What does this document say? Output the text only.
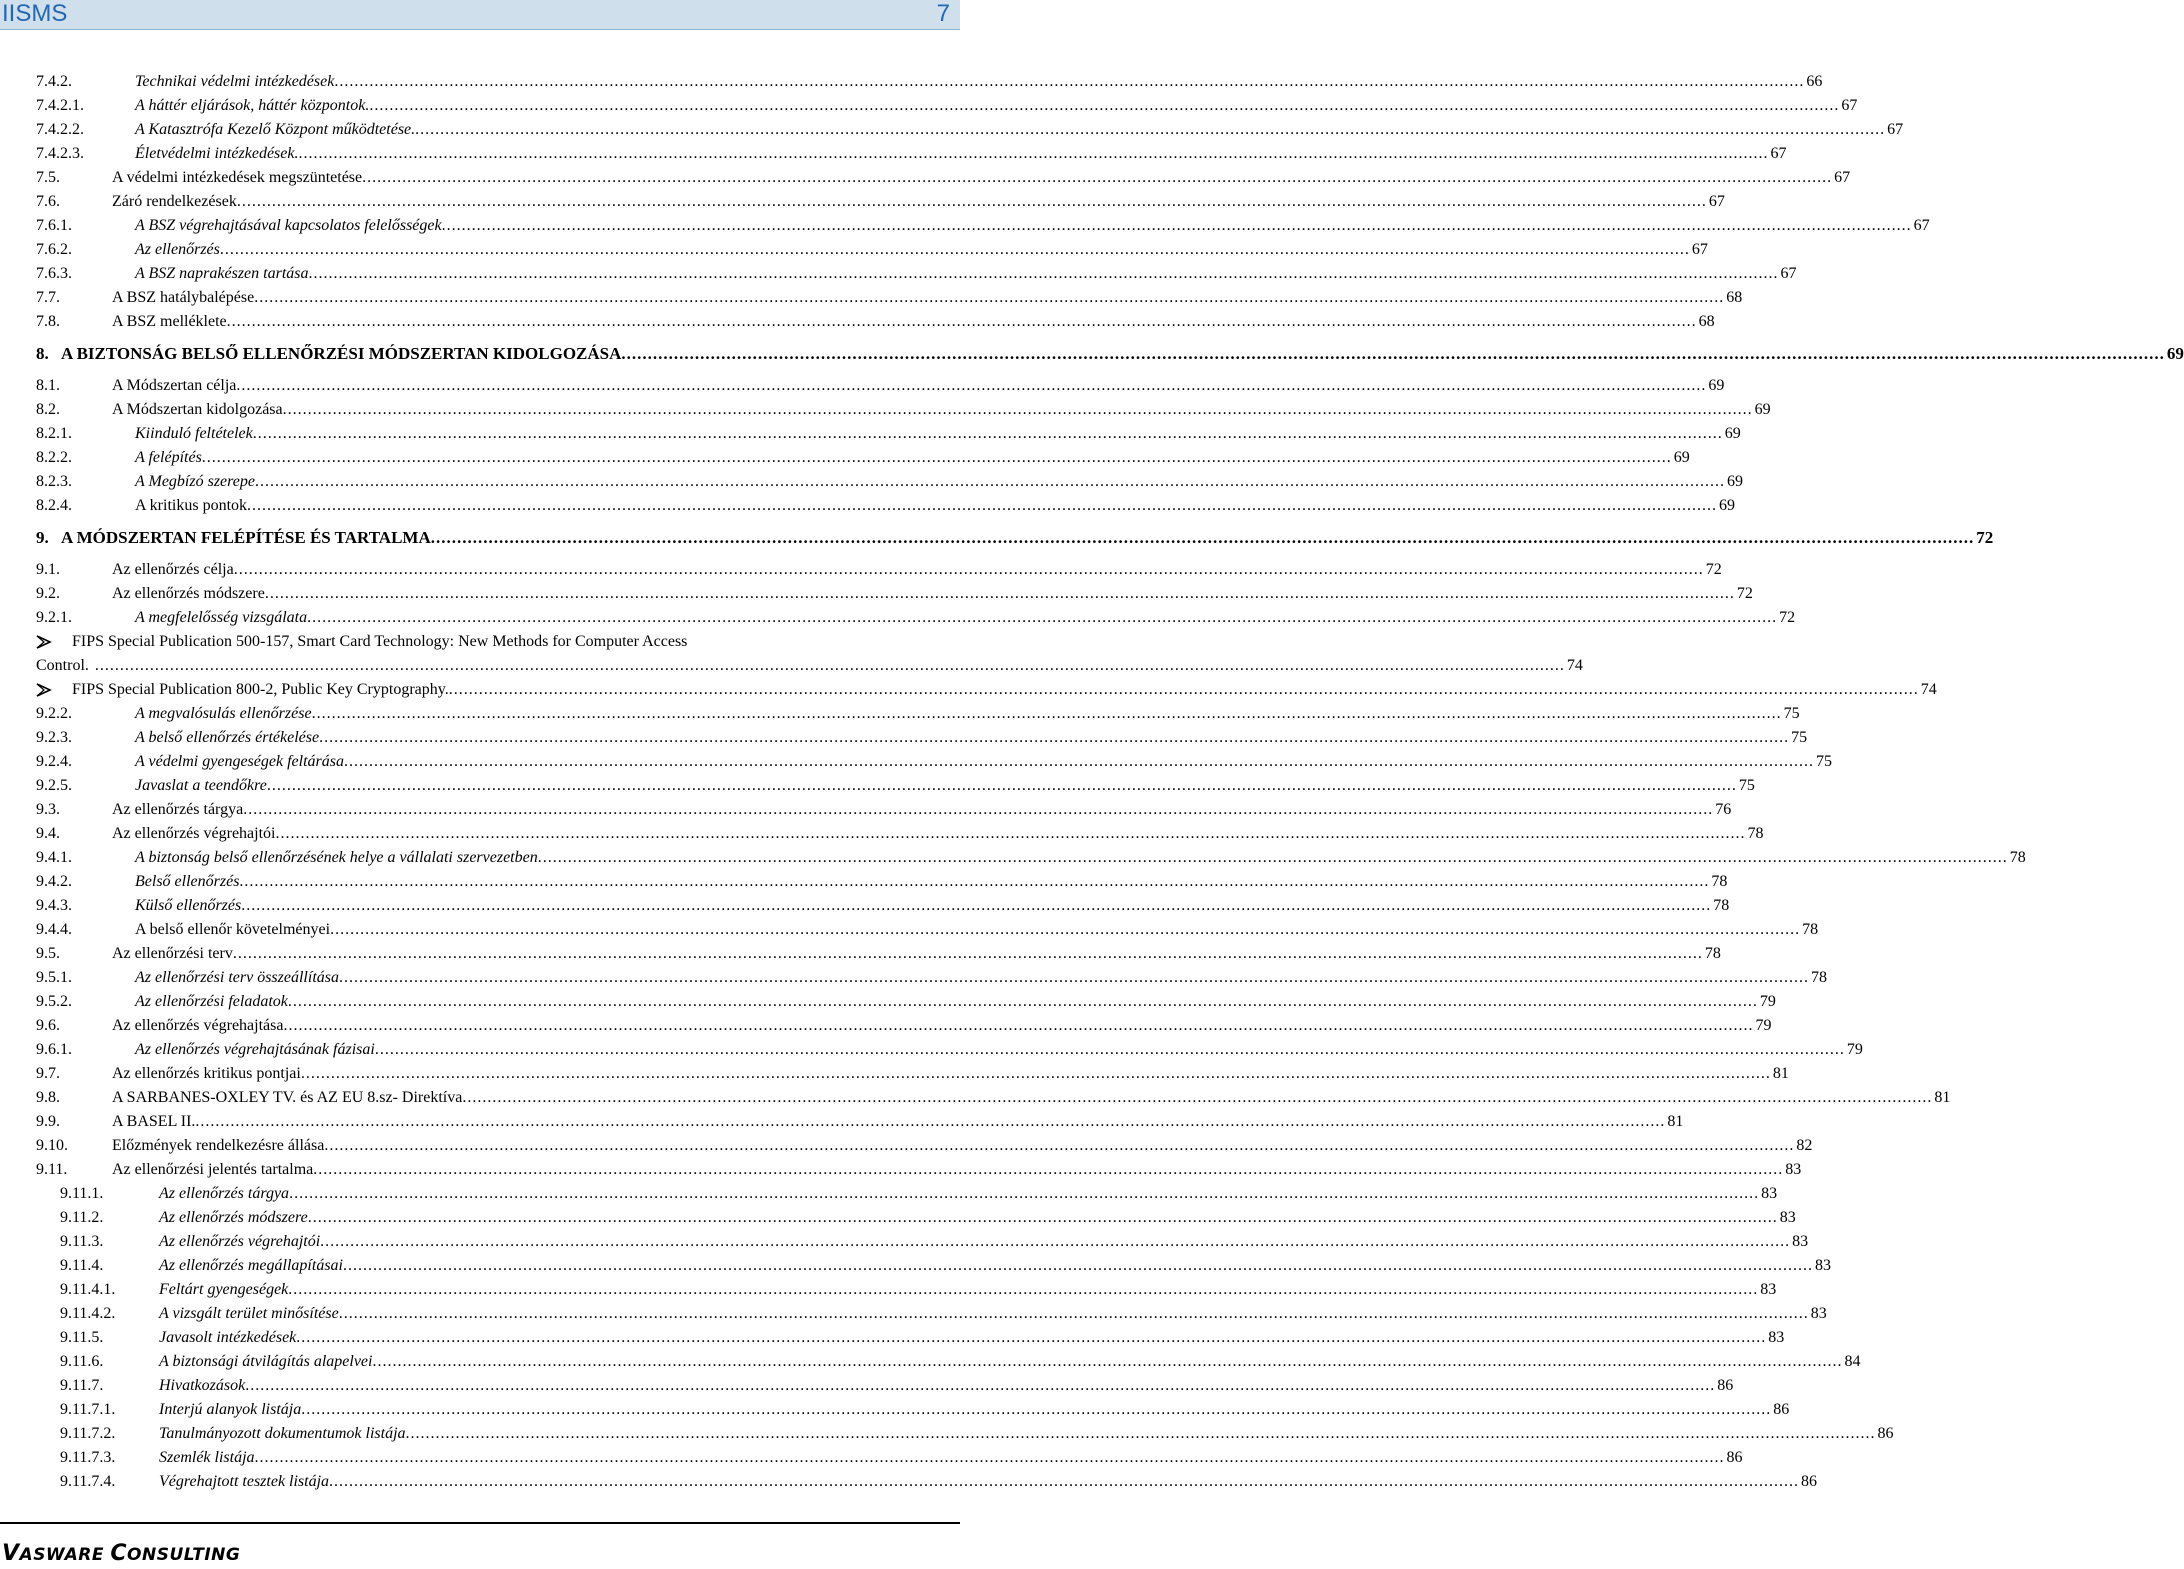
IISMS	7
7.4.2.	Technikai védelmi intézkedések .....	66
7.4.2.1.	A háttér eljárások, háttér központok. .....	67
7.4.2.2.	A Katasztrófa Kezelő Központ működtetése. .....	67
7.4.2.3.	Életvédelmi intézkedések. .....	67
7.5.	A védelmi intézkedések megszüntetése .....	67
7.6.	Záró rendelkezések .....	67
7.6.1.	A BSZ végrehajtásával kapcsolatos felelősségek .....	67
7.6.2.	Az ellenőrzés .....	67
7.6.3.	A BSZ naprakészen tartása .....	67
7.7.	A BSZ hatálybalépése .....	68
7.8.	A BSZ melléklete .....	68
8. A BIZTONSÁG BELSŐ ELLENŐRZÉSI MÓDSZERTAN KIDOLGOZÁSA .....	69
8.1.	A Módszertan célja .....	69
8.2.	A Módszertan kidolgozása .....	69
8.2.1.	Kiinduló feltételek .....	69
8.2.2.	A felépítés .....	69
8.2.3.	A Megbízó szerepe .....	69
8.2.4.	A kritikus pontok .....	69
9. A MÓDSZERTAN FELÉPÍTÉSE ÉS TARTALMA .....	72
9.1.	Az ellenőrzés célja .....	72
9.2.	Az ellenőrzés módszere .....	72
9.2.1.	A megfelelősség vizsgálata .....	72
FIPS Special Publication 500-157, Smart Card Technology: New Methods for Computer Access
Control. .....	74
FIPS Special Publication 800-2, Public Key Cryptography. .....	74
9.2.2.	A megvalósulás ellenőrzése .....	75
9.2.3.	A belső ellenőrzés értékelése .....	75
9.2.4.	A védelmi gyengeségek feltárása .....	75
9.2.5.	Javaslat a teendőkre .....	75
9.3.	Az ellenőrzés tárgya .....	76
9.4.	Az ellenőrzés végrehajtói .....	78
9.4.1.	A biztonság belső ellenőrzésének helye a vállalati szervezetben .....	78
9.4.2.	Belső ellenőrzés .....	78
9.4.3.	Külső ellenőrzés .....	78
9.4.4.	A belső ellenőr követelményei .....	78
9.5.	Az ellenőrzési terv .....	78
9.5.1.	Az ellenőrzési terv összeállítása .....	78
9.5.2.	Az ellenőrzési feladatok .....	79
9.6.	Az ellenőrzés végrehajtása .....	79
9.6.1.	Az ellenőrzés végrehajtásának fázisai .....	79
9.7.	Az ellenőrzés kritikus pontjai .....	81
9.8.	A SARBANES-OXLEY TV. és AZ EU 8.sz- Direktíva .....	81
9.9.	A BASEL II. .....	81
9.10.	Előzmények rendelkezésre állása .....	82
9.11.	Az ellenőrzési jelentés tartalma .....	83
9.11.1.	Az ellenőrzés tárgya .....	83
9.11.2.	Az ellenőrzés módszere .....	83
9.11.3.	Az ellenőrzés végrehajtói .....	83
9.11.4.	Az ellenőrzés megállapításai .....	83
9.11.4.1.	Feltárt gyengeségek .....	83
9.11.4.2.	A vizsgált terület minősítése .....	83
9.11.5.	Javasolt intézkedések .....	83
9.11.6.	A biztonsági átvilágítás alapelvei .....	84
9.11.7.	Hivatkozások .....	86
9.11.7.1.	Interjú alanyok listája .....	86
9.11.7.2.	Tanulmányozott dokumentumok listája .....	86
9.11.7.3.	Szemlék listája .....	86
9.11.7.4.	Végrehajtott tesztek listája .....	86
VASWARE CONSULTING
